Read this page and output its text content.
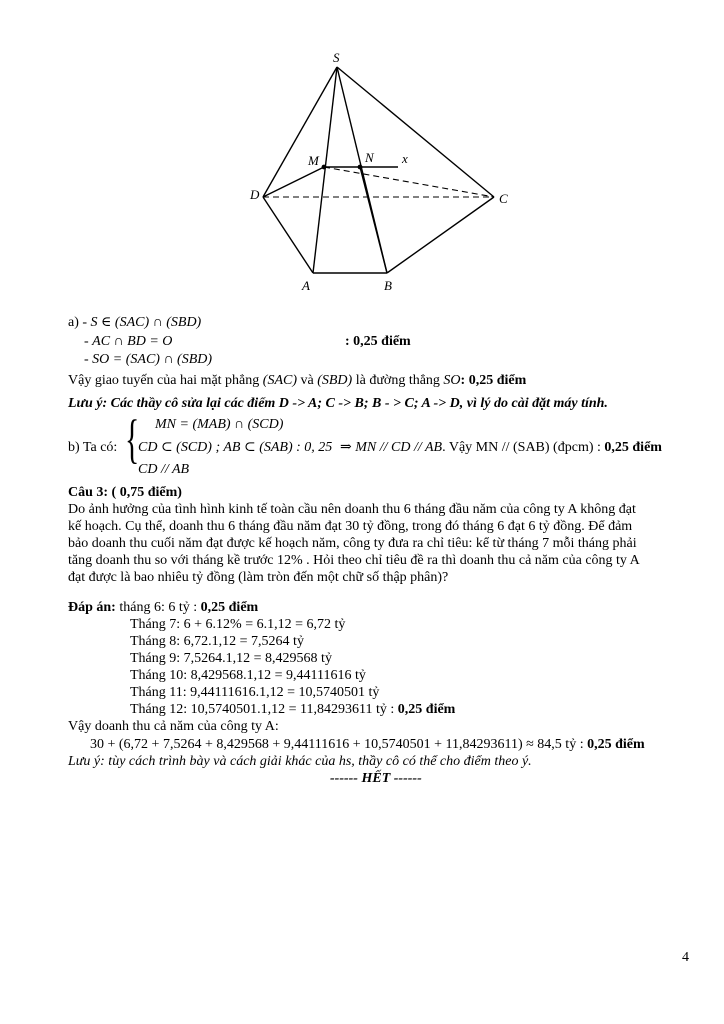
S
M	N x
D	C
A	B
a) - S ∈ (SAC) ∩ (SBD)
- AC ∩ BD = O	: 0,25 điểm
- SO = (SAC) ∩ (SBD)
Vậy giao tuyến của hai mặt phẳng (SAC) và (SBD) là đường thẳng SO: 0,25 điểm
Lưu ý: Các thầy cô sửa lại các điểm D -> A; C -> B; B - > C; A -> D, vì lý do cài đặt máy tính.
b) Ta có: { MN = (MAB) ∩ (SCD)
CD ⊂ (SCD) ; AB ⊂ (SAB) : 0, 25
CD // AB
⇒ MN // CD // AB. Vậy MN // (SAB) (đpcm) : 0,25 điểm
Câu 3: ( 0,75 điểm)
Do ảnh hưởng của tình hình kinh tế toàn cầu nên doanh thu 6 tháng đầu năm của công ty A không đạt
kế hoạch. Cụ thể, doanh thu 6 tháng đầu năm đạt 30 tỷ đồng, trong đó tháng 6 đạt 6 tỷ đồng. Để đảm
bảo doanh thu cuối năm đạt được kế hoạch năm, công ty đưa ra chỉ tiêu: kể từ tháng 7 mỗi tháng phải
tăng doanh thu so với tháng kề trước 12% . Hỏi theo chỉ tiêu đề ra thì doanh thu cả năm của công ty A
đạt được là bao nhiêu tỷ đồng (làm tròn đến một chữ số thập phân)?
Đáp án: tháng 6: 6 tỷ : 0,25 điểm
Tháng 7: 6 + 6.12% = 6.1,12 = 6,72 tỷ
Tháng 8: 6,72.1,12 = 7,5264 tỷ
Tháng 9: 7,5264.1,12 = 8,429568 tỷ
Tháng 10: 8,429568.1,12 = 9,44111616 tỷ
Tháng 11: 9,44111616.1,12 = 10,5740501 tỷ
Tháng 12: 10,5740501.1,12 = 11,84293611 tỷ : 0,25 điểm
Vậy doanh thu cả năm của công ty A:
30 + (6,72 + 7,5264 + 8,429568 + 9,44111616 + 10,5740501 + 11,84293611) ≈ 84,5 tỷ : 0,25 điểm
Lưu ý: tùy cách trình bày và cách giải khác của hs, thầy cô có thể cho điểm theo ý.
------ HẾT ------
4
